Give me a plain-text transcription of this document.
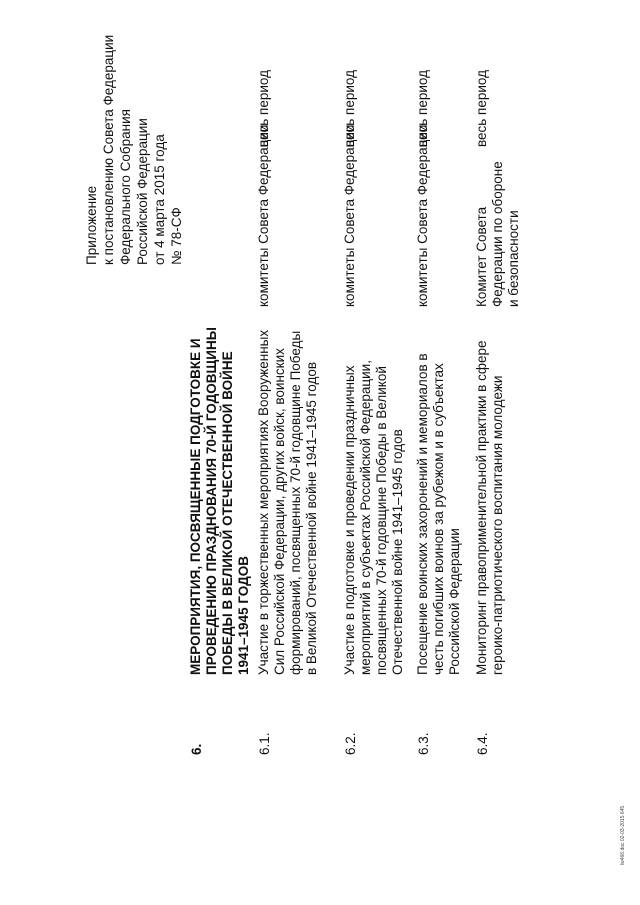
Приложение к постановлению Совета Федерации Федерального Собрания Российской Федерации от 4 марта 2015 года № 78-СФ
6.
МЕРОПРИЯТИЯ, ПОСВЯЩЕННЫЕ ПОДГОТОВКЕ И ПРОВЕДЕНИЮ ПРАЗДНОВАНИЯ 70-Й ГОДОВЩИНЫ ПОБЕДЫ В ВЕЛИКОЙ ОТЕЧЕСТВЕННОЙ ВОЙНЕ 1941–1945 ГОДОВ
6.1.
Участие в торжественных мероприятиях Вооруженных Сил Российской Федерации, других войск, воинских формирований, посвященных 70-й годовщине Победы в Великой Отечественной войне 1941–1945 годов
комитеты Совета Федерации
весь период
6.2.
Участие в подготовке и проведении праздничных мероприятий в субъектах Российской Федерации, посвященных 70-й годовщине Победы в Великой Отечественной войне 1941–1945 годов
комитеты Совета Федерации
весь период
6.3.
Посещение воинских захоронений и мемориалов в честь погибших воинов за рубежом и в субъектах Российской Федерации
комитеты Совета Федерации
весь период
6.4.
Мониторинг правоприменительной практики в сфере героико-патриотического воспитания молодежи
Комитет Совета Федерации по обороне и безопасности
весь период
lw466.doc 02-03-2015 645
